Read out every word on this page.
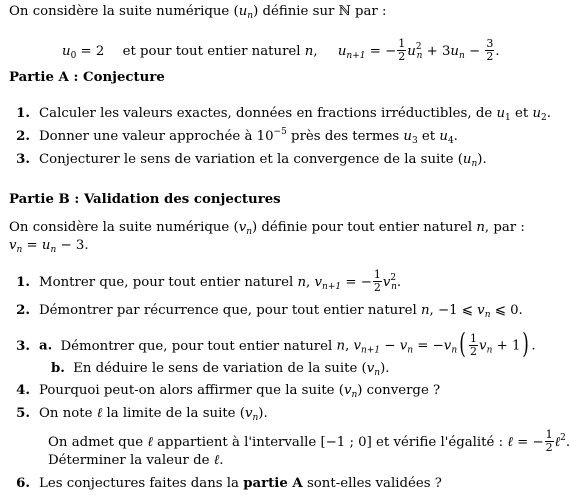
On considère la suite numérique $(u_n)$ définie sur ℕ par :
$u_0 = 2$ et pour tout entier naturel n, $u_{n+1}$ = − $\frac{1}{2} u^2_n + 3u_n - \frac{3}{2}$ .
Partie A : Conjecture
1. Calculer les valeurs exactes, données en fractions irréductibles, de $u_1$ et $u_2$.
2. Donner une valeur approchée à $10^{-5}$ près des termes $u_3$ et $u_4$.
3. Conjecturer le sens de variation et la convergence de la suite $(u_n)$.
Partie B : Validation des conjectures
On considère la suite numérique $(v_n)$ définie pour tout entier naturel n, par :
$v_n = u_n - 3$.
1. Montrer que, pour tout entier naturel n, $v_{n+1}$ = − $\frac{1}{2} v^2_n$.
2. Démontrer par récurrence que, pour tout entier naturel n, −1 ⩽ $v_n$ ⩽ 0.
3. a. Démontrer que, pour tout entier naturel n, $v_{n+1} - v_n = -v_n( \frac{1}{2} v_n + 1)$ .
b. En déduire le sens de variation de la suite $(v_n)$.
4. Pourquoi peut-on alors affirmer que la suite $(v_n)$ converge ?
5. On note ℓ la limite de la suite $(v_n)$.
On admet que ℓ appartient à l'intervalle [−1 ; 0] et vérifie l'égalité : ℓ = − $\frac{1}{2}$ ℓ$^2$.
Déterminer la valeur de ℓ.
6. Les conjectures faites dans la partie A sont-elles validées ?
